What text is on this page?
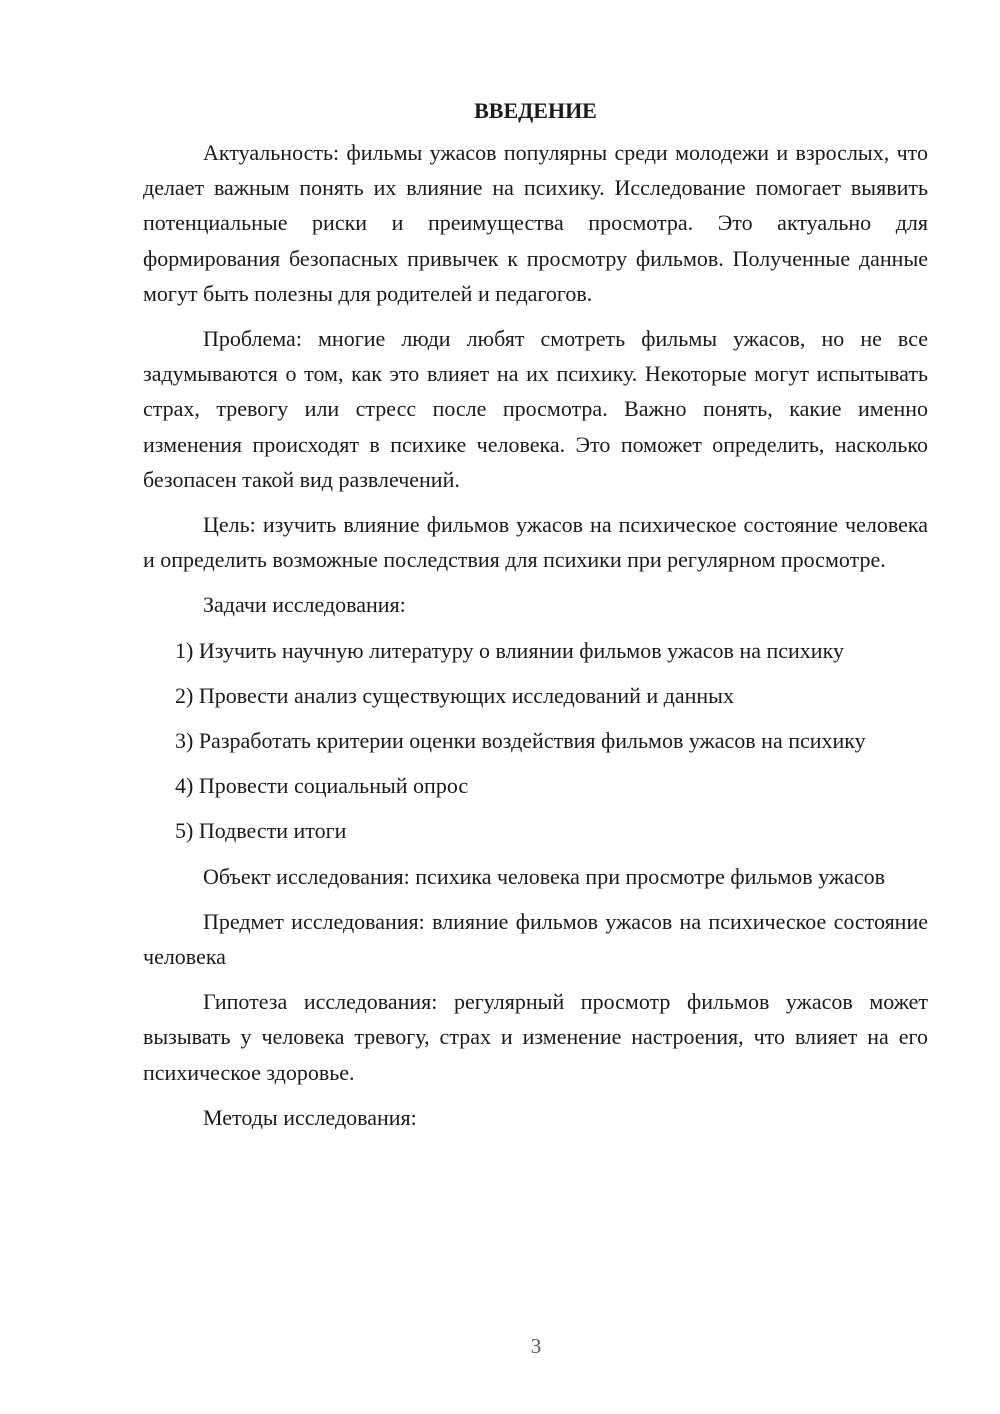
ВВЕДЕНИЕ

Актуальность: фильмы ужасов популярны среди молодежи и взрослых, что делает важным понять их влияние на психику. Исследование помогает выявить потенциальные риски и преимущества просмотра. Это актуально для формирования безопасных привычек к просмотру фильмов. Полученные данные могут быть полезны для родителей и педагогов.

Проблема: многие люди любят смотреть фильмы ужасов, но не все задумываются о том, как это влияет на их психику. Некоторые могут испытывать страх, тревогу или стресс после просмотра. Важно понять, какие именно изменения происходят в психике человека. Это поможет определить, насколько безопасен такой вид развлечений.

Цель: изучить влияние фильмов ужасов на психическое состояние человека и определить возможные последствия для психики при регулярном просмотре.

Задачи исследования:

1) Изучить научную литературу о влиянии фильмов ужасов на психику

2) Провести анализ существующих исследований и данных

3) Разработать критерии оценки воздействия фильмов ужасов на психику

4) Провести социальный опрос

5) Подвести итоги

Объект исследования: психика человека при просмотре фильмов ужасов

Предмет исследования: влияние фильмов ужасов на психическое состояние человека

Гипотеза исследования: регулярный просмотр фильмов ужасов может вызывать у человека тревогу, страх и изменение настроения, что влияет на его психическое здоровье.

Методы исследования:

3
